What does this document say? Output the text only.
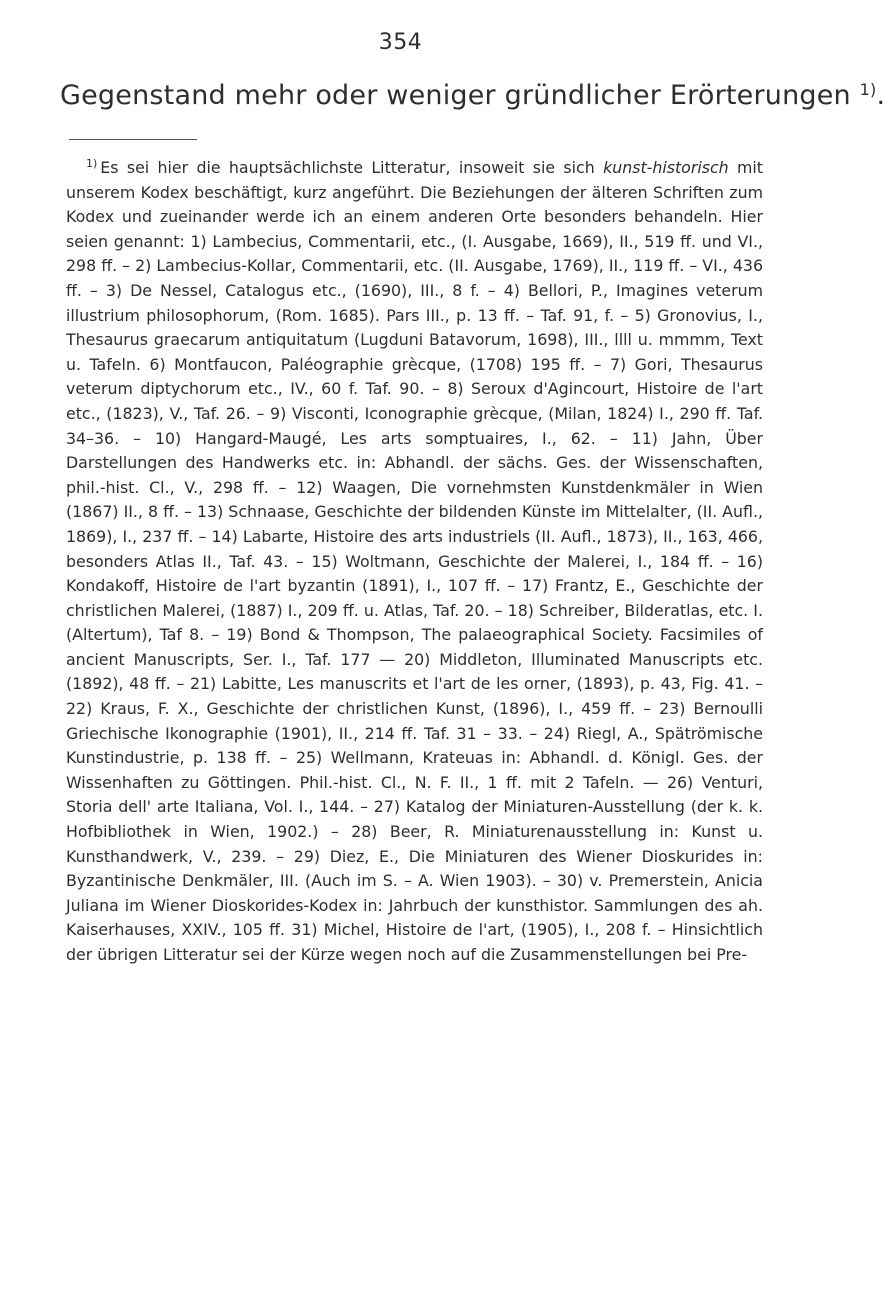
354
Gegenstand mehr oder weniger gründlicher Erörterungen $^{1)}$.
$^{1)}$ Es sei hier die hauptsächlichste Litteratur, insoweit sie sich kunst-historisch mit unserem Kodex beschäftigt, kurz angeführt. Die Beziehungen der älteren Schriften zum Kodex und zueinander werde ich an einem anderen Orte besonders behandeln. Hier seien genannt: 1) Lambecius, Commentarii, etc., (I. Ausgabe, 1669), II., 519 ff. und VI., 298 ff. – 2) Lambecius-Kollar, Commentarii, etc. (II. Ausgabe, 1769), II., 119 ff. – VI., 436 ff. – 3) De Nessel, Catalogus etc., (1690), III., 8 f. – 4) Bellori, P., Imagines veterum illustrium philosophorum, (Rom. 1685). Pars III., p. 13 ff. – Taf. 91, f. – 5) Gronovius, I., Thesaurus graecarum antiquitatum (Lugduni Batavorum, 1698), III., llll u. mmmm, Text u. Tafeln. 6) Montfaucon, Paléographie grècque, (1708) 195 ff. – 7) Gori, Thesaurus veterum diptychorum etc., IV., 60 f. Taf. 90. – 8) Seroux d'Agincourt, Histoire de l'art etc., (1823), V., Taf. 26. – 9) Visconti, Iconographie grècque, (Milan, 1824) I., 290 ff. Taf. 34–36. – 10) Hangard-Maugé, Les arts somptuaires, I., 62. – 11) Jahn, Über Darstellungen des Handwerks etc. in: Abhandl. der sächs. Ges. der Wissenschaften, phil.-hist. Cl., V., 298 ff. – 12) Waagen, Die vornehmsten Kunstdenkmäler in Wien (1867) II., 8 ff. – 13) Schnaase, Geschichte der bildenden Künste im Mittelalter, (II. Aufl., 1869), I., 237 ff. – 14) Labarte, Histoire des arts industriels (II. Aufl., 1873), II., 163, 466, besonders Atlas II., Taf. 43. – 15) Woltmann, Geschichte der Malerei, I., 184 ff. – 16) Kondakoff, Histoire de l'art byzantin (1891), I., 107 ff. – 17) Frantz, E., Geschichte der christlichen Malerei, (1887) I., 209 ff. u. Atlas, Taf. 20. – 18) Schreiber, Bilderatlas, etc. I. (Altertum), Taf 8. – 19) Bond & Thompson, The palaeographical Society. Facsimiles of ancient Manuscripts, Ser. I., Taf. 177 — 20) Middleton, Illuminated Manuscripts etc. (1892), 48 ff. – 21) Labitte, Les manuscrits et l'art de les orner, (1893), p. 43, Fig. 41. – 22) Kraus, F. X., Geschichte der christlichen Kunst, (1896), I., 459 ff. – 23) Bernoulli Griechische Ikonographie (1901), II., 214 ff. Taf. 31 – 33. – 24) Riegl, A., Spätrömische Kunstindustrie, p. 138 ff. – 25) Wellmann, Krateuas in: Abhandl. d. Königl. Ges. der Wissenhaften zu Göttingen. Phil.-hist. Cl., N. F. II., 1 ff. mit 2 Tafeln. — 26) Venturi, Storia dell' arte Italiana, Vol. I., 144. – 27) Katalog der Miniaturen-Ausstellung (der k. k. Hofbibliothek in Wien, 1902.) – 28) Beer, R. Miniaturenausstellung in: Kunst u. Kunsthandwerk, V., 239. – 29) Diez, E., Die Miniaturen des Wiener Dioskurides in: Byzantinische Denkmäler, III. (Auch im S. – A. Wien 1903). – 30) v. Premerstein, Anicia Juliana im Wiener Dioskorides-Kodex in: Jahrbuch der kunsthistor. Sammlungen des ah. Kaiserhauses, XXIV., 105 ff. 31) Michel, Histoire de l'art, (1905), I., 208 f. – Hinsichtlich der übrigen Litteratur sei der Kürze wegen noch auf die Zusammenstellungen bei Pre-
